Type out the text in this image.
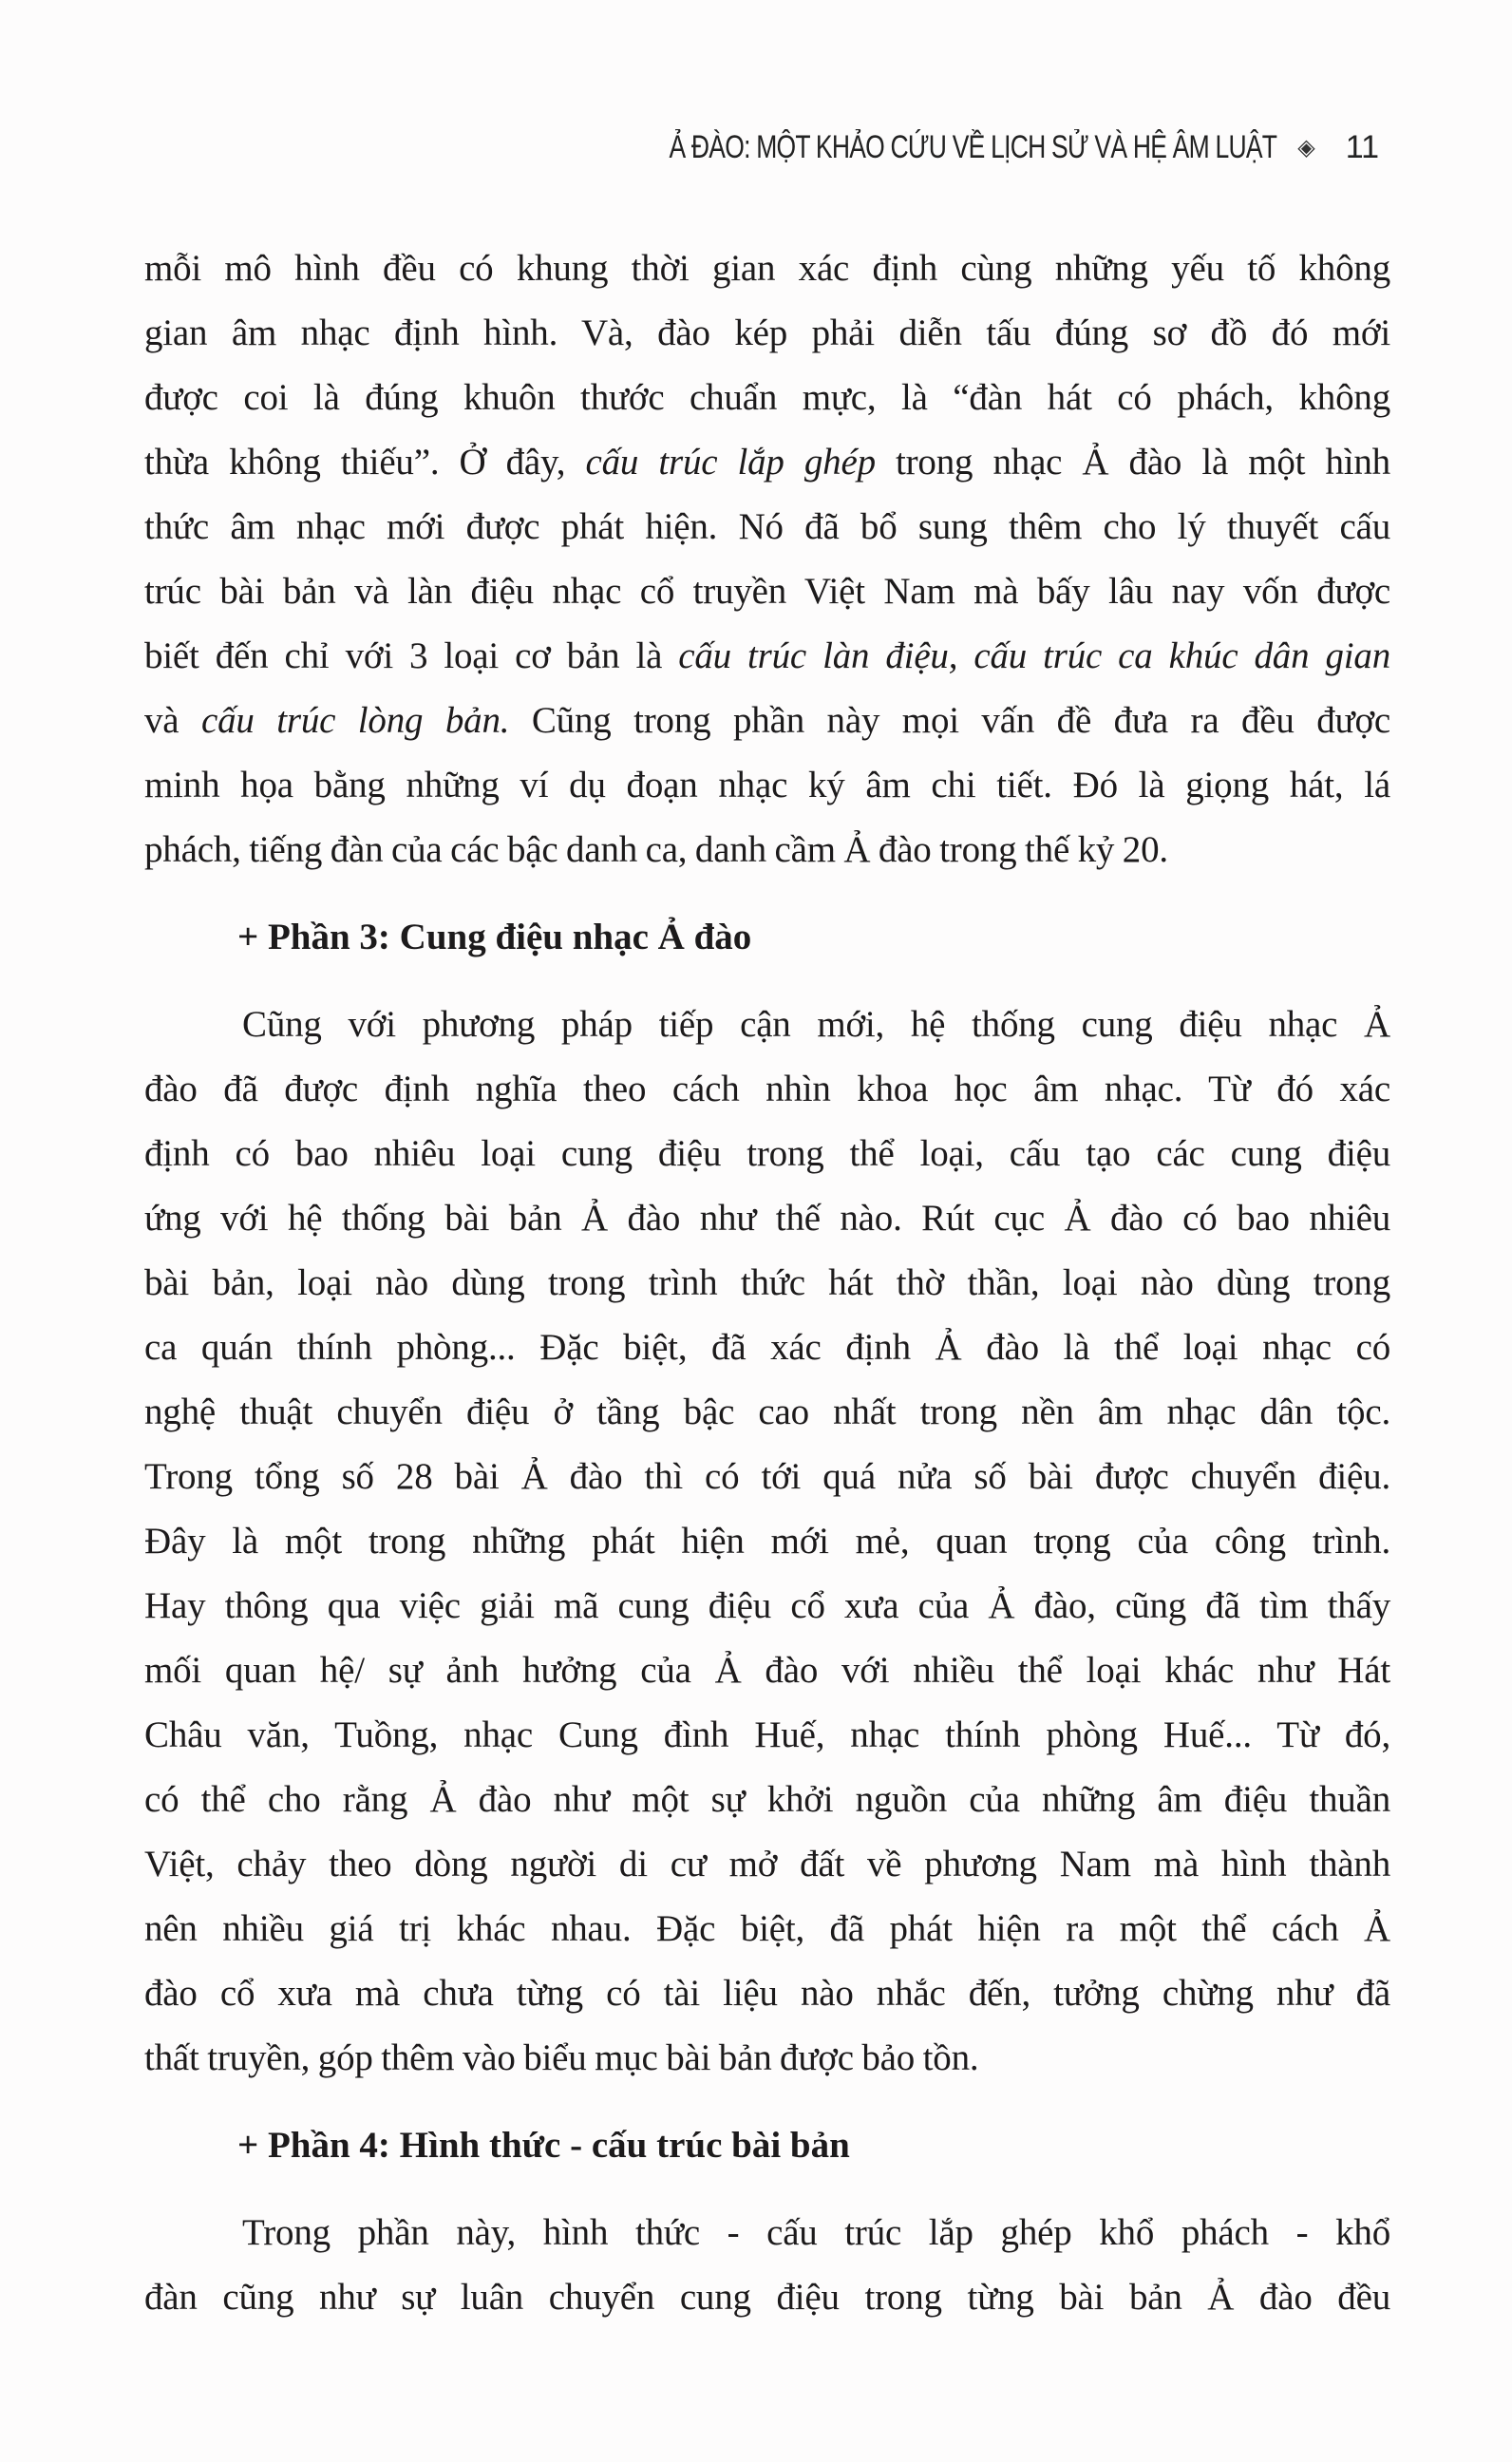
Ả ĐÀO: MỘT KHẢO CỨU VỀ LỊCH SỬ VÀ HỆ ÂM LUẬT ◈ 11
mỗi mô hình đều có khung thời gian xác định cùng những yếu tố không
gian âm nhạc định hình. Và, đào kép phải diễn tấu đúng sơ đồ đó mới
được coi là đúng khuôn thước chuẩn mực, là “đàn hát có phách, không
thừa không thiếu”. Ở đây, cấu trúc lắp ghép trong nhạc Ả đào là một hình
thức âm nhạc mới được phát hiện. Nó đã bổ sung thêm cho lý thuyết cấu
trúc bài bản và làn điệu nhạc cổ truyền Việt Nam mà bấy lâu nay vốn được
biết đến chỉ với 3 loại cơ bản là cấu trúc làn điệu, cấu trúc ca khúc dân gian
và cấu trúc lòng bản. Cũng trong phần này mọi vấn đề đưa ra đều được
minh họa bằng những ví dụ đoạn nhạc ký âm chi tiết. Đó là giọng hát, lá
phách, tiếng đàn của các bậc danh ca, danh cầm Ả đào trong thế kỷ 20.
+ Phần 3: Cung điệu nhạc Ả đào
Cũng với phương pháp tiếp cận mới, hệ thống cung điệu nhạc Ả
đào đã được định nghĩa theo cách nhìn khoa học âm nhạc. Từ đó xác
định có bao nhiêu loại cung điệu trong thể loại, cấu tạo các cung điệu
ứng với hệ thống bài bản Ả đào như thế nào. Rút cục Ả đào có bao nhiêu
bài bản, loại nào dùng trong trình thức hát thờ thần, loại nào dùng trong
ca quán thính phòng... Đặc biệt, đã xác định Ả đào là thể loại nhạc có
nghệ thuật chuyển điệu ở tầng bậc cao nhất trong nền âm nhạc dân tộc.
Trong tổng số 28 bài Ả đào thì có tới quá nửa số bài được chuyển điệu.
Đây là một trong những phát hiện mới mẻ, quan trọng của công trình.
Hay thông qua việc giải mã cung điệu cổ xưa của Ả đào, cũng đã tìm thấy
mối quan hệ/ sự ảnh hưởng của Ả đào với nhiều thể loại khác như Hát
Châu văn, Tuồng, nhạc Cung đình Huế, nhạc thính phòng Huế... Từ đó,
có thể cho rằng Ả đào như một sự khởi nguồn của những âm điệu thuần
Việt, chảy theo dòng người di cư mở đất về phương Nam mà hình thành
nên nhiều giá trị khác nhau. Đặc biệt, đã phát hiện ra một thể cách Ả
đào cổ xưa mà chưa từng có tài liệu nào nhắc đến, tưởng chừng như đã
thất truyền, góp thêm vào biểu mục bài bản được bảo tồn.
+ Phần 4: Hình thức - cấu trúc bài bản
Trong phần này, hình thức - cấu trúc lắp ghép khổ phách - khổ
đàn cũng như sự luân chuyển cung điệu trong từng bài bản Ả đào đều
